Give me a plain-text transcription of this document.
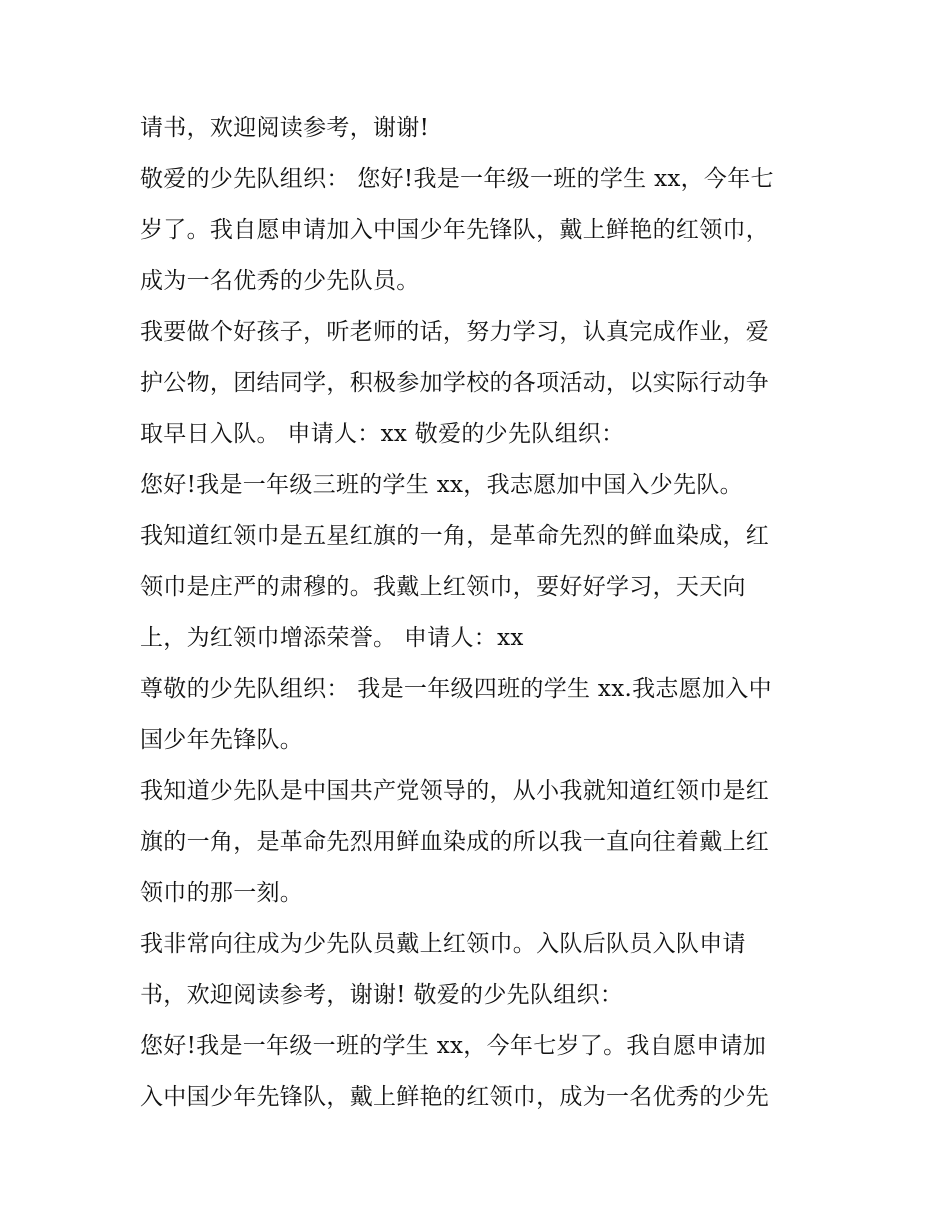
请书，欢迎阅读参考，谢谢!
敬爱的少先队组织： 您好!我是一年级一班的学生 xx，今年七
岁了。我自愿申请加入中国少年先锋队，戴上鲜艳的红领巾，
成为一名优秀的少先队员。
我要做个好孩子，听老师的话，努力学习，认真完成作业，爱
护公物，团结同学，积极参加学校的各项活动，以实际行动争
取早日入队。 申请人：xx 敬爱的少先队组织：
您好!我是一年级三班的学生 xx，我志愿加中国入少先队。
我知道红领巾是五星红旗的一角，是革命先烈的鲜血染成，红
领巾是庄严的肃穆的。我戴上红领巾，要好好学习，天天向
上，为红领巾增添荣誉。 申请人：xx
尊敬的少先队组织： 我是一年级四班的学生 xx.我志愿加入中
国少年先锋队。
我知道少先队是中国共产党领导的，从小我就知道红领巾是红
旗的一角，是革命先烈用鲜血染成的所以我一直向往着戴上红
领巾的那一刻。
我非常向往成为少先队员戴上红领巾。入队后队员入队申请
书，欢迎阅读参考，谢谢! 敬爱的少先队组织：
您好!我是一年级一班的学生 xx，今年七岁了。我自愿申请加
入中国少年先锋队，戴上鲜艳的红领巾，成为一名优秀的少先
